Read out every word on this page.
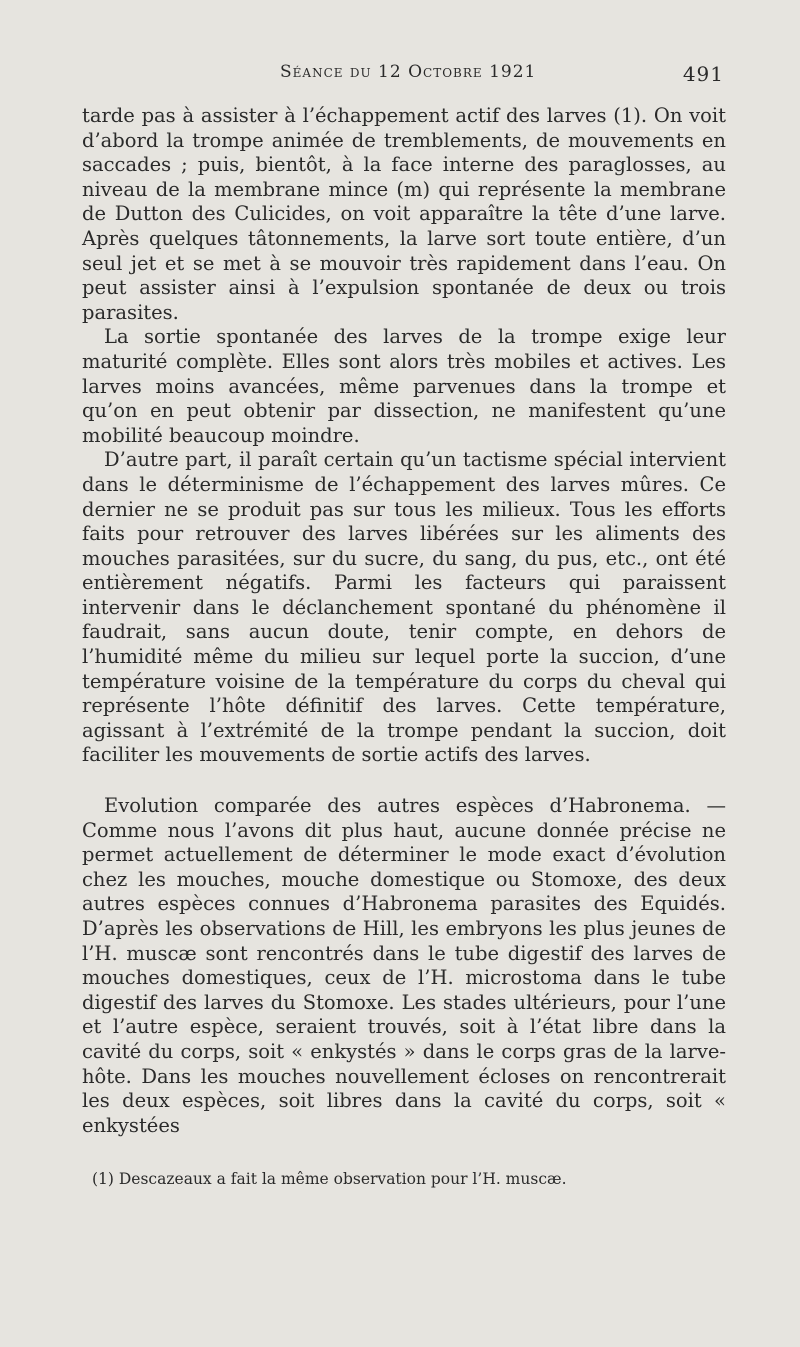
Séance du 12 Octobre 1921	491

tarde pas à assister à l’échappement actif des larves (1). On voit d’abord la trompe animée de tremblements, de mouvements en saccades ; puis, bientôt, à la face interne des paraglosses, au niveau de la membrane mince (m) qui représente la membrane de Dutton des Culicides, on voit apparaître la tête d’une larve. Après quelques tâtonnements, la larve sort toute entière, d’un seul jet et se met à se mouvoir très rapidement dans l’eau. On peut assister ainsi à l’expulsion spontanée de deux ou trois parasites.

La sortie spontanée des larves de la trompe exige leur maturité complète. Elles sont alors très mobiles et actives. Les larves moins avancées, même parvenues dans la trompe et qu’on en peut obtenir par dissection, ne manifestent qu’une mobilité beaucoup moindre.

D’autre part, il paraît certain qu’un tactisme spécial intervient dans le déterminisme de l’échappement des larves mûres. Ce dernier ne se produit pas sur tous les milieux. Tous les efforts faits pour retrouver des larves libérées sur les aliments des mouches parasitées, sur du sucre, du sang, du pus, etc., ont été entièrement négatifs. Parmi les facteurs qui paraissent intervenir dans le déclanchement spontané du phénomène il faudrait, sans aucun doute, tenir compte, en dehors de l’humidité même du milieu sur lequel porte la succion, d’une température voisine de la température du corps du cheval qui représente l’hôte définitif des larves. Cette température, agissant à l’extrémité de la trompe pendant la succion, doit faciliter les mouvements de sortie actifs des larves.

Evolution comparée des autres espèces d’Habronema. — Comme nous l’avons dit plus haut, aucune donnée précise ne permet actuellement de déterminer le mode exact d’évolution chez les mouches, mouche domestique ou Stomoxe, des deux autres espèces connues d’Habronema parasites des Equidés. D’après les observations de Hill, les embryons les plus jeunes de l’H. muscæ sont rencontrés dans le tube digestif des larves de mouches domestiques, ceux de l’H. microstoma dans le tube digestif des larves du Stomoxe. Les stades ultérieurs, pour l’une et l’autre espèce, seraient trouvés, soit à l’état libre dans la cavité du corps, soit « enkystés » dans le corps gras de la larve-hôte. Dans les mouches nouvellement écloses on rencontrerait les deux espèces, soit libres dans la cavité du corps, soit « enkystées

(1) Descazeaux a fait la même observation pour l’H. muscæ.
